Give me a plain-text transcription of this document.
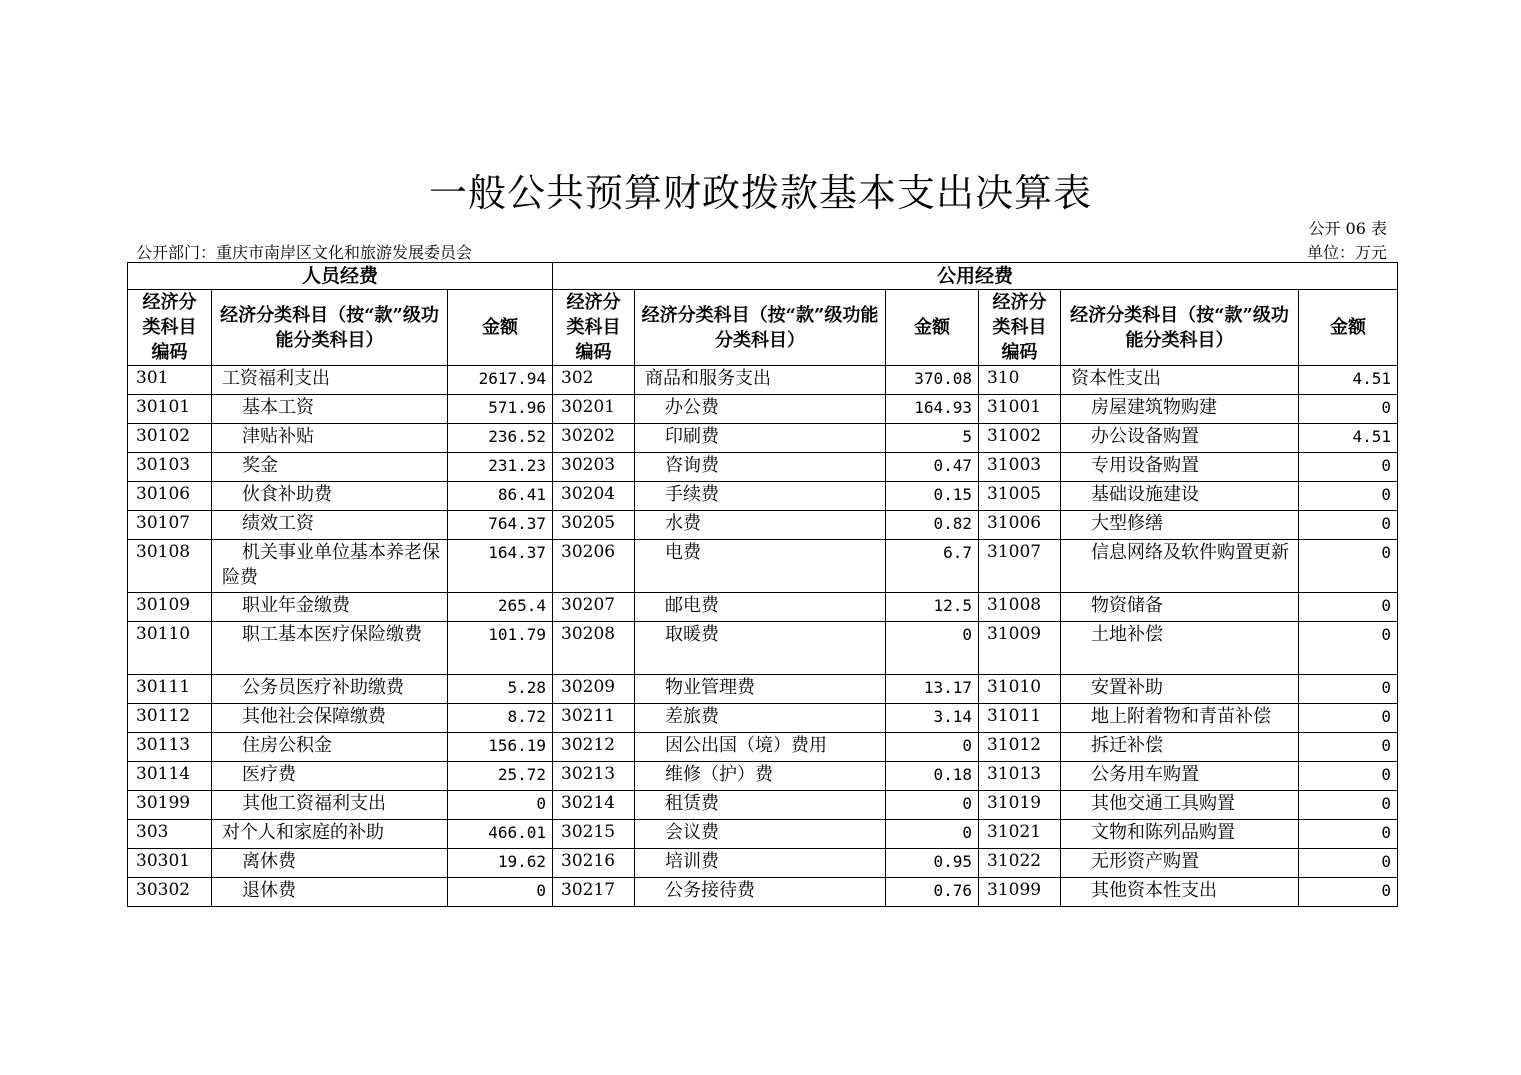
一般公共预算财政拨款基本支出决算表
公开 06 表
公开部门：重庆市南岸区文化和旅游发展委员会	单位：万元
人员经费			公用经费					
经济分类科目编码	经济分类科目（按“款”级功能分类科目）	金额	经济分类科目编码	经济分类科目（按“款”级功能分类科目）	金额	经济分类科目编码	经济分类科目（按“款”级功能分类科目）	金额
301	工资福利支出	2617.94	302	商品和服务支出	370.08	310	资本性支出	4.51
30101	基本工资	571.96	30201	办公费	164.93	31001	房屋建筑物购建	0
30102	津贴补贴	236.52	30202	印刷费	5	31002	办公设备购置	4.51
30103	奖金	231.23	30203	咨询费	0.47	31003	专用设备购置	0
30106	伙食补助费	86.41	30204	手续费	0.15	31005	基础设施建设	0
30107	绩效工资	764.37	30205	水费	0.82	31006	大型修缮	0
30108	机关事业单位基本养老保险费	164.37	30206	电费	6.7	31007	信息网络及软件购置更新	0
30109	职业年金缴费	265.4	30207	邮电费	12.5	31008	物资储备	0
30110	职工基本医疗保险缴费	101.79	30208	取暖费	0	31009	土地补偿	0
30111	公务员医疗补助缴费	5.28	30209	物业管理费	13.17	31010	安置补助	0
30112	其他社会保障缴费	8.72	30211	差旅费	3.14	31011	地上附着物和青苗补偿	0
30113	住房公积金	156.19	30212	因公出国（境）费用	0	31012	拆迁补偿	0
30114	医疗费	25.72	30213	维修（护）费	0.18	31013	公务用车购置	0
30199	其他工资福利支出	0	30214	租赁费	0	31019	其他交通工具购置	0
303	对个人和家庭的补助	466.01	30215	会议费	0	31021	文物和陈列品购置	0
30301	离休费	19.62	30216	培训费	0.95	31022	无形资产购置	0
30302	退休费	0	30217	公务接待费	0.76	31099	其他资本性支出	0
